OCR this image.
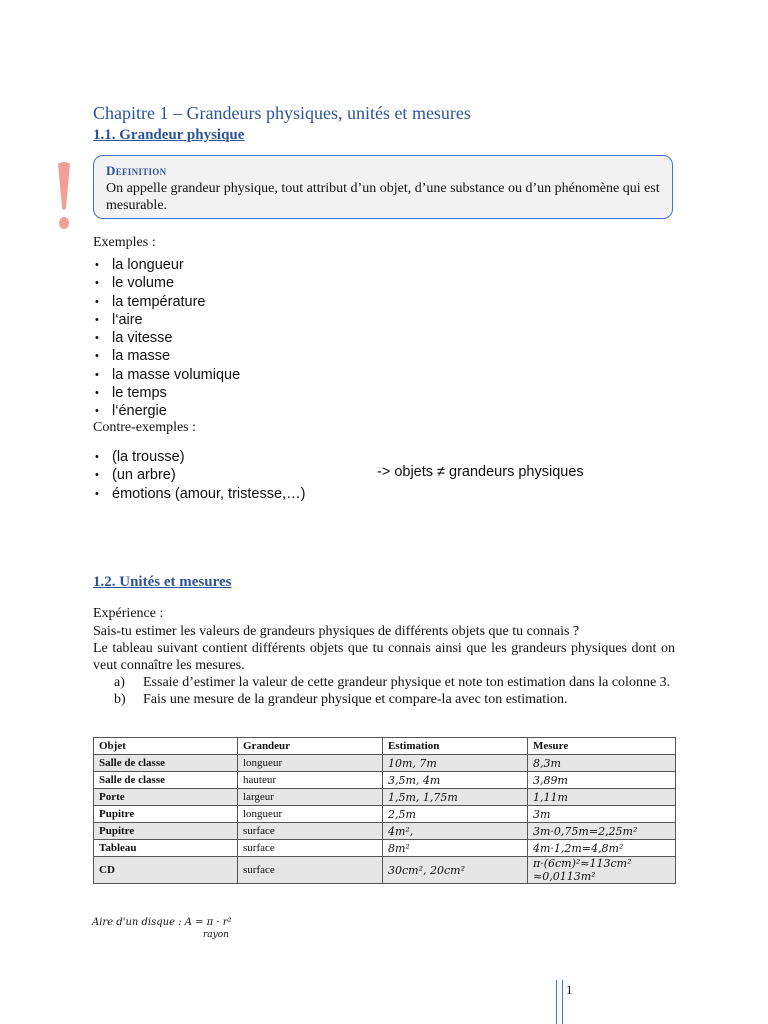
Chapitre 1 – Grandeurs physiques, unités et mesures
1.1. Grandeur physique
Definition
On appelle grandeur physique, tout attribut d’un objet, d’une substance ou d’un phénomène qui est mesurable.
Exemples :
• la longueur
• le volume
• la température
• l‘aire
• la vitesse
• la masse
• la masse volumique
• le temps
• l‘énergie
Contre-exemples :
• (la trousse)
• (un arbre)
• émotions (amour, tristesse,…)
-> objets ≠ grandeurs physiques
1.2. Unités et mesures
Expérience :
Sais-tu estimer les valeurs de grandeurs physiques de différents objets que tu connais ?
Le tableau suivant contient différents objets que tu connais ainsi que les grandeurs physiques dont on veut connaître les mesures.
a)	Essaie d’estimer la valeur de cette grandeur physique et note ton estimation dans la colonne 3.
b)	Fais une mesure de la grandeur physique et compare-la avec ton estimation.
Objet	Grandeur	Estimation	Mesure
Salle de classe	longueur	10m, 7m	8,3m
Salle de classe	hauteur	3,5m, 4m	3,89m
Porte	largeur	1,5m, 1,75m	1,11m
Pupitre	longueur	2,5m	3m
Pupitre	surface	4m²,	3m·0,75m=2,25m²
Tableau	surface	8m²	4m·1,2m=4,8m²
CD	surface	30cm², 20cm²	π·(6cm)²≈113cm² ≈0,0113m²
Aire d'un disque : A = π · r²
rayon
1
